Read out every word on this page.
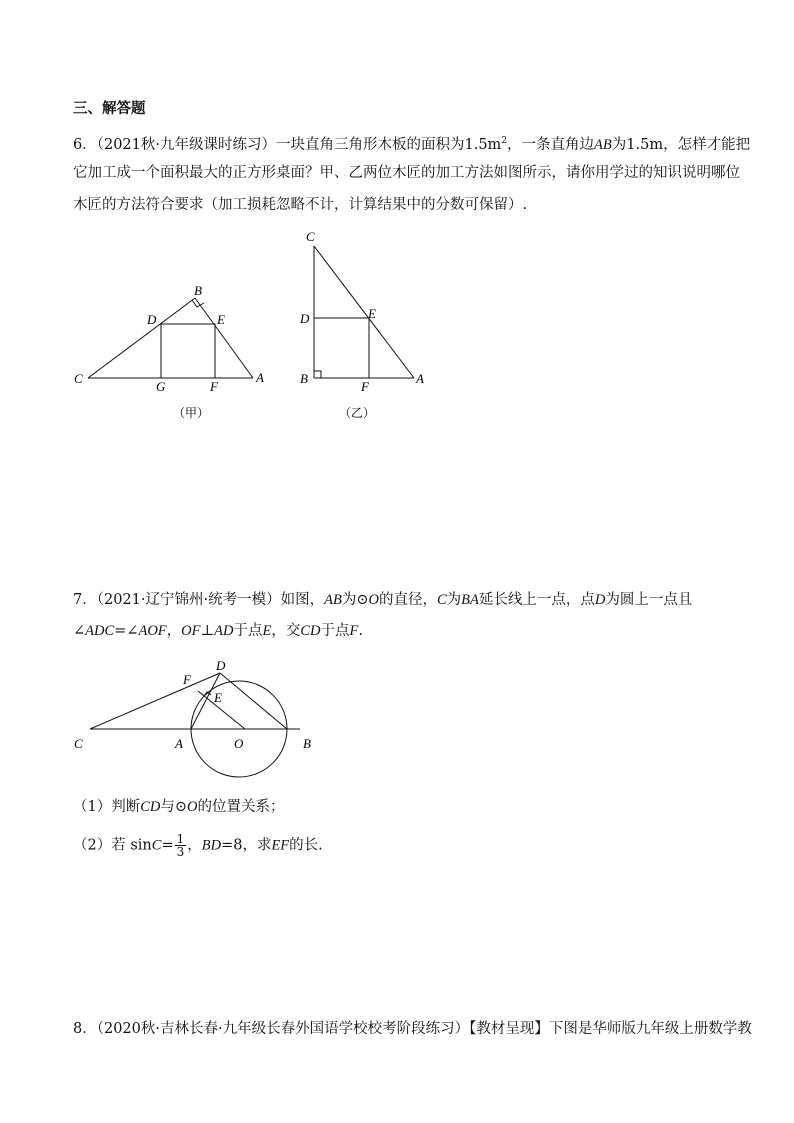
三、解答题
6．（2021秋·九年级课时练习）一块直角三角形木板的面积为$1.5m^2$，一条直角边AB为1.5m，怎样才能把
它加工成一个面积最大的正方形桌面？甲、乙两位木匠的加工方法如图所示，请你用学过的知识说明哪位
木匠的方法符合要求（加工损耗忽略不计，计算结果中的分数可保留）.
B
D	E
C
G	F
A
（甲）
C
D	E
B
F
A
（乙）
7．（2021·辽宁锦州·统考一模）如图，AB为⊙O的直径，C为BA延长线上一点，点D为圆上一点且
∠ADC=∠AOF，OF⊥AD于点E，交CD于点F.
C	A	O	B
D
F
E
（1）判断CD与⊙O的位置关系；
（2）若 $\sin C= \frac{1}{3}$ ，BD=8，求EF的长.
8．（2020秋·吉林长春·九年级长春外国语学校校考阶段练习）【教材呈现】下图是华师版九年级上册数学教
